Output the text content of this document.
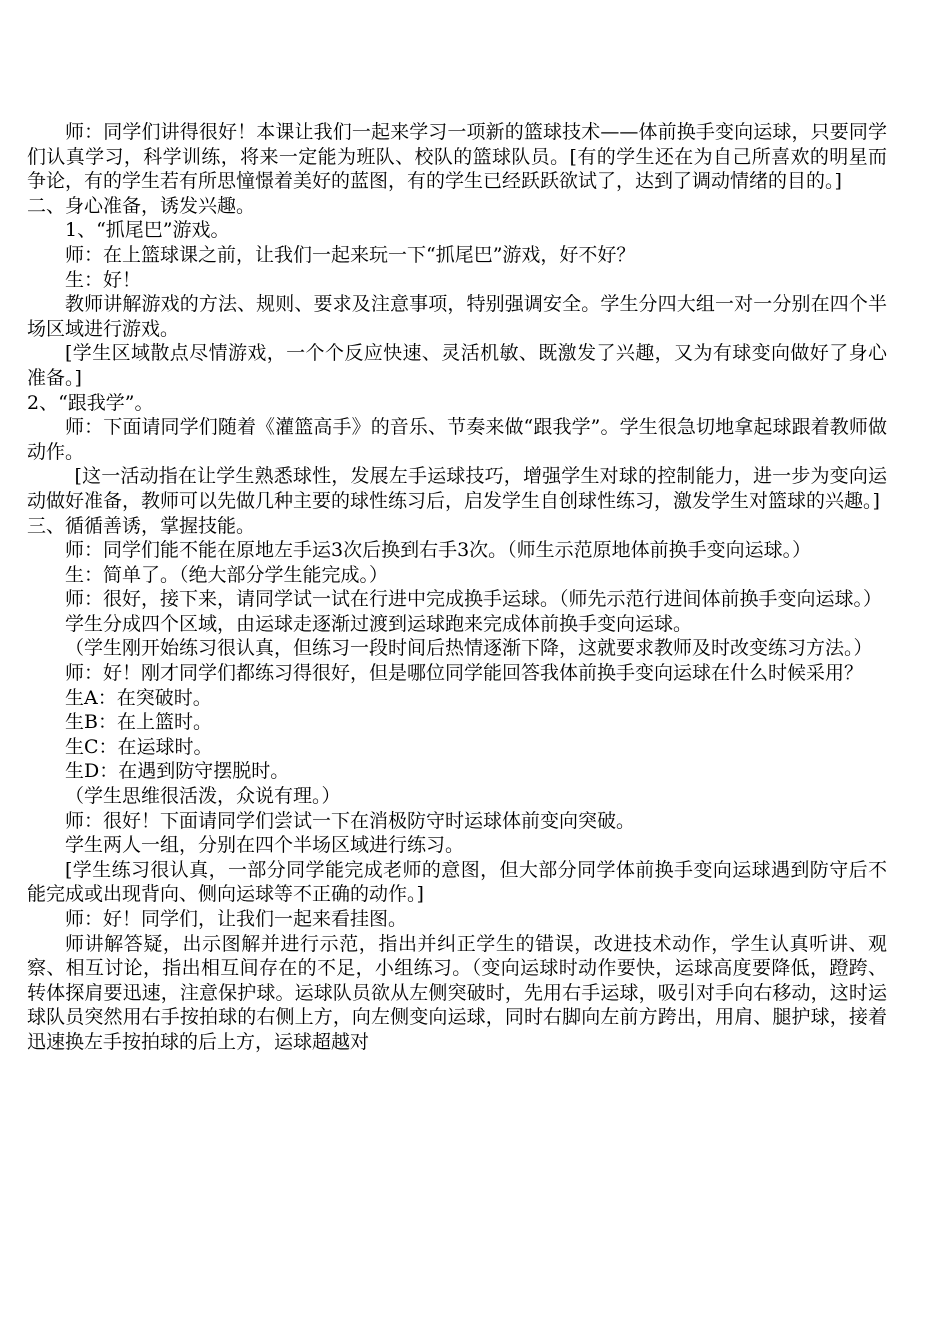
师：同学们讲得很好！本课让我们一起来学习一项新的篮球技术——体前换手变向运球，只要同学们认真学习，科学训练，将来一定能为班队、校队的篮球队员。[有的学生还在为自己所喜欢的明星而争论，有的学生若有所思憧憬着美好的蓝图，有的学生已经跃跃欲试了，达到了调动情绪的目的。]

二、身心准备，诱发兴趣。

1、“抓尾巴”游戏。

师：在上篮球课之前，让我们一起来玩一下“抓尾巴”游戏，好不好？

生：好！

教师讲解游戏的方法、规则、要求及注意事项，特别强调安全。学生分四大组一对一分别在四个半场区域进行游戏。

[学生区域散点尽情游戏，一个个反应快速、灵活机敏、既激发了兴趣，又为有球变向做好了身心准备。]

2、“跟我学”。

师：下面请同学们随着《灌篮高手》的音乐、节奏来做“跟我学”。学生很急切地拿起球跟着教师做动作。

[这一活动指在让学生熟悉球性，发展左手运球技巧，增强学生对球的控制能力，进一步为变向运动做好准备，教师可以先做几种主要的球性练习后，启发学生自创球性练习，激发学生对篮球的兴趣。]

三、循循善诱，掌握技能。

师：同学们能不能在原地左手运3次后换到右手3次。（师生示范原地体前换手变向运球。）

生：简单了。（绝大部分学生能完成。）

师：很好，接下来，请同学试一试在行进中完成换手运球。（师先示范行进间体前换手变向运球。）

学生分成四个区域，由运球走逐渐过渡到运球跑来完成体前换手变向运球。

（学生刚开始练习很认真，但练习一段时间后热情逐渐下降，这就要求教师及时改变练习方法。）

师：好！刚才同学们都练习得很好，但是哪位同学能回答我体前换手变向运球在什么时候采用？

生A：在突破时。

生B：在上篮时。

生C：在运球时。

生D：在遇到防守摆脱时。

（学生思维很活泼，众说有理。）

师：很好！下面请同学们尝试一下在消极防守时运球体前变向突破。

学生两人一组，分别在四个半场区域进行练习。

[学生练习很认真，一部分同学能完成老师的意图，但大部分同学体前换手变向运球遇到防守后不能完成或出现背向、侧向运球等不正确的动作。]

师：好！同学们，让我们一起来看挂图。

师讲解答疑，出示图解并进行示范，指出并纠正学生的错误，改进技术动作，学生认真听讲、观察、相互讨论，指出相互间存在的不足，小组练习。（变向运球时动作要快，运球高度要降低，蹬跨、转体探肩要迅速，注意保护球。运球队员欲从左侧突破时，先用右手运球，吸引对手向右移动，这时运球队员突然用右手按拍球的右侧上方，向左侧变向运球，同时右脚向左前方跨出，用肩、腿护球，接着迅速换左手按拍球的后上方，运球超越对
